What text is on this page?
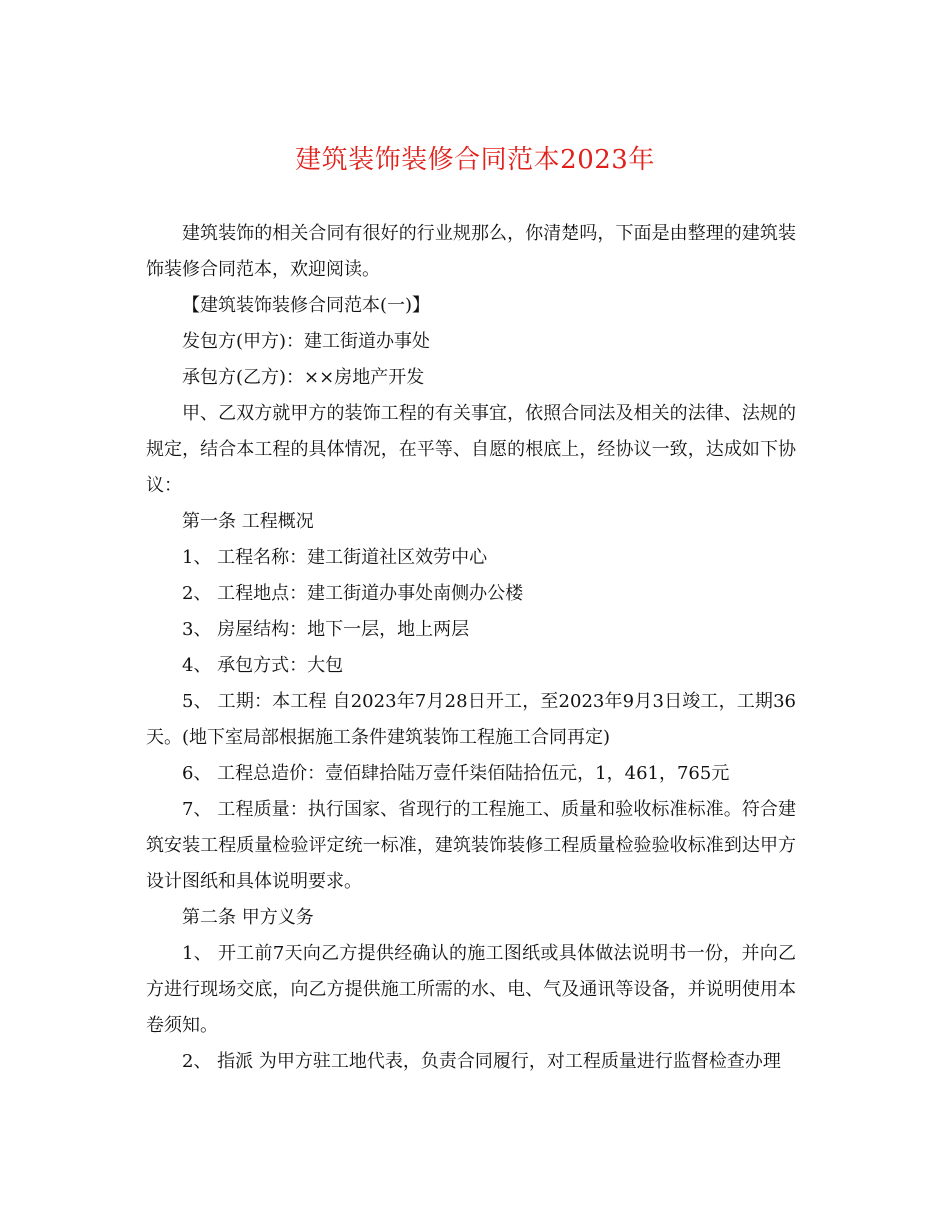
建筑装饰装修合同范本2023年

建筑装饰的相关合同有很好的行业规那么，你清楚吗，下面是由整理的建筑装饰装修合同范本，欢迎阅读。

【建筑装饰装修合同范本(一)】

发包方(甲方)：建工街道办事处

承包方(乙方)：××房地产开发

甲、乙双方就甲方的装饰工程的有关事宜，依照合同法及相关的法律、法规的规定，结合本工程的具体情况，在平等、自愿的根底上，经协议一致，达成如下协议：

第一条 工程概况

1、 工程名称：建工街道社区效劳中心

2、 工程地点：建工街道办事处南侧办公楼

3、 房屋结构：地下一层，地上两层

4、 承包方式：大包

5、 工期：本工程 自2023年7月28日开工，至2023年9月3日竣工，工期36天。(地下室局部根据施工条件建筑装饰工程施工合同再定)

6、 工程总造价：壹佰肆拾陆万壹仟柒佰陆拾伍元，1，461，765元

7、 工程质量：执行国家、省现行的工程施工、质量和验收标准标准。符合建筑安装工程质量检验评定统一标准，建筑装饰装修工程质量检验验收标准到达甲方设计图纸和具体说明要求。

第二条 甲方义务

1、 开工前7天向乙方提供经确认的施工图纸或具体做法说明书一份，并向乙方进行现场交底，向乙方提供施工所需的水、电、气及通讯等设备，并说明使用本卷须知。

2、 指派 为甲方驻工地代表，负责合同履行，对工程质量进行监督检查办理
